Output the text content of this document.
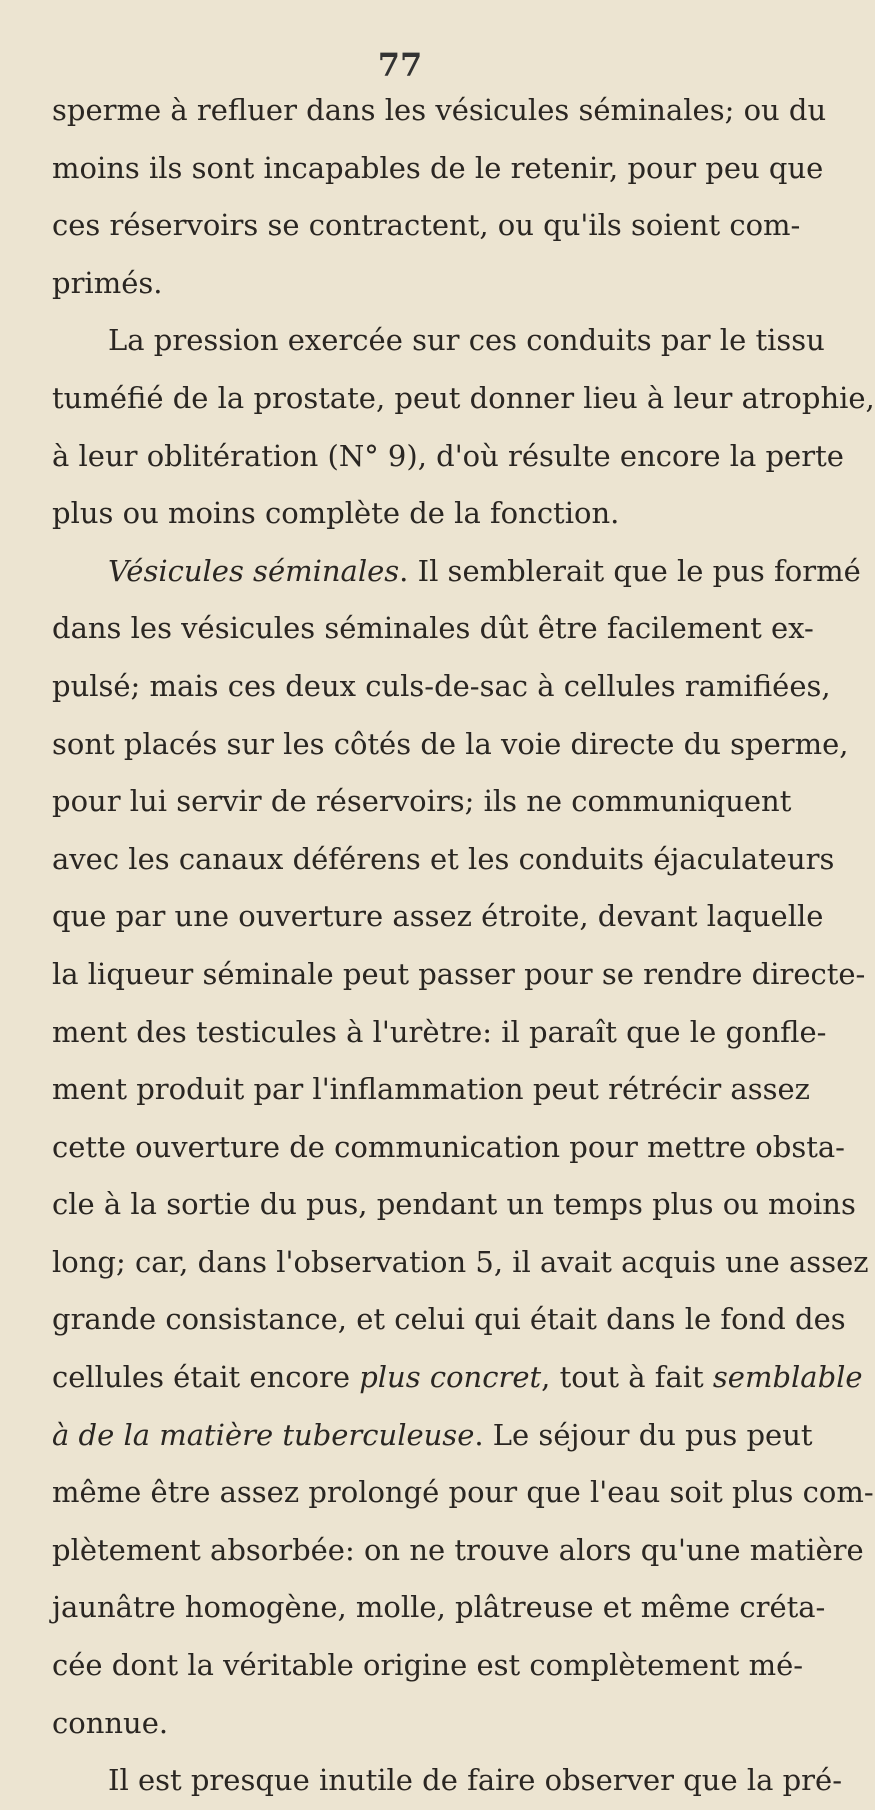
77
sperme à refluer dans les vésicules séminales; ou du
moins ils sont incapables de le retenir, pour peu que
ces réservoirs se contractent, ou qu'ils soient com-
primés.
La pression exercée sur ces conduits par le tissu
tuméfié de la prostate, peut donner lieu à leur atrophie,
à leur oblitération (N° 9), d'où résulte encore la perte
plus ou moins complète de la fonction.
Vésicules séminales. Il semblerait que le pus formé
dans les vésicules séminales dût être facilement ex-
pulsé; mais ces deux culs-de-sac à cellules ramifiées,
sont placés sur les côtés de la voie directe du sperme,
pour lui servir de réservoirs; ils ne communiquent
avec les canaux déférens et les conduits éjaculateurs
que par une ouverture assez étroite, devant laquelle
la liqueur séminale peut passer pour se rendre directe-
ment des testicules à l'urètre: il paraît que le gonfle-
ment produit par l'inflammation peut rétrécir assez
cette ouverture de communication pour mettre obsta-
cle à la sortie du pus, pendant un temps plus ou moins
long; car, dans l'observation 5, il avait acquis une assez
grande consistance, et celui qui était dans le fond des
cellules était encore plus concret, tout à fait semblable
à de la matière tuberculeuse. Le séjour du pus peut
même être assez prolongé pour que l'eau soit plus com-
plètement absorbée: on ne trouve alors qu'une matière
jaunâtre homogène, molle, plâtreuse et même créta-
cée dont la véritable origine est complètement mé-
connue.
Il est presque inutile de faire observer que la pré-
